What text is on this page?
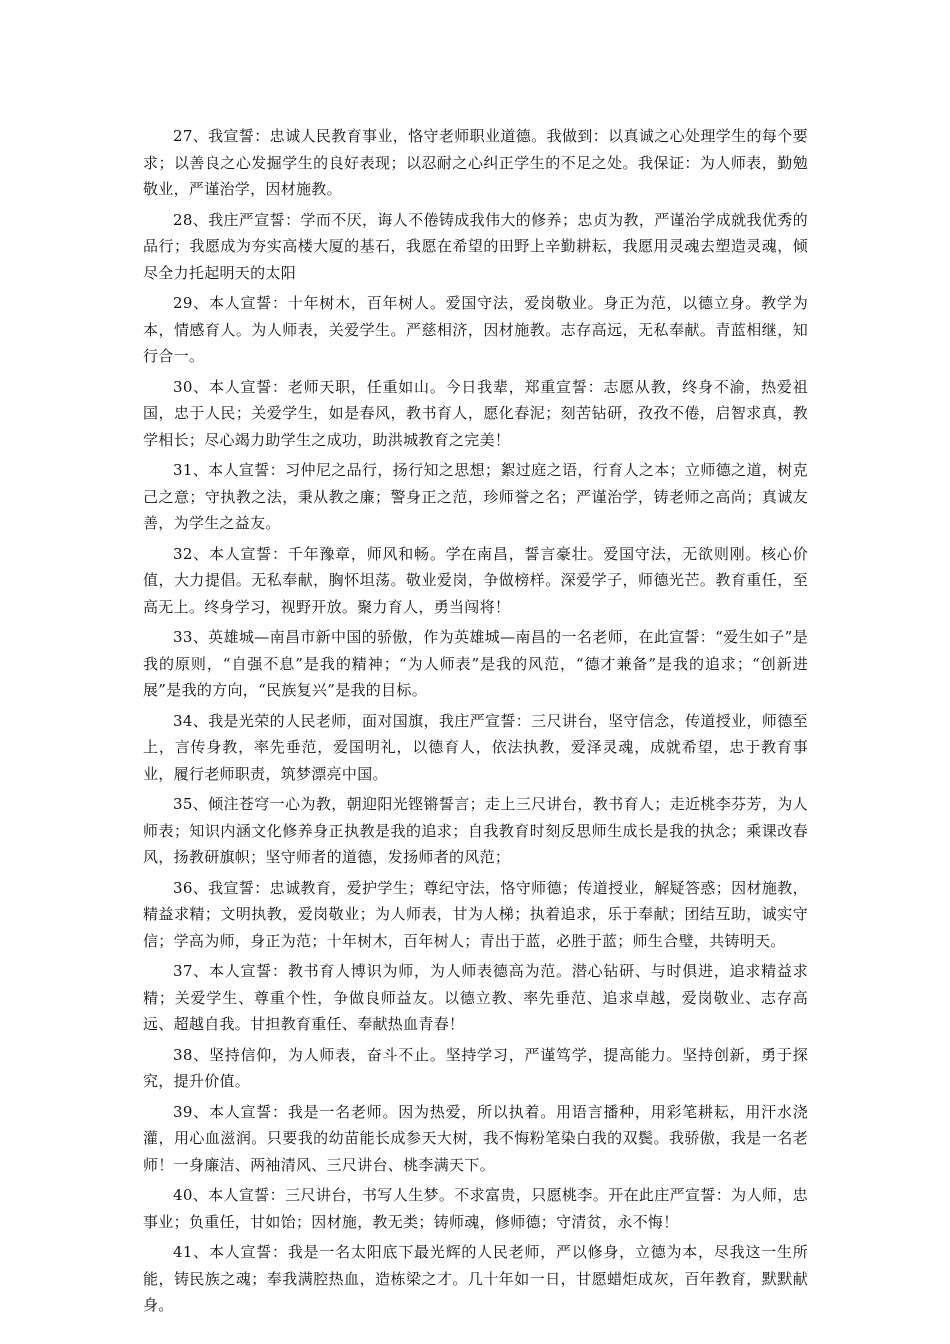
27、我宣誓：忠诚人民教育事业，恪守老师职业道德。我做到：以真诚之心处理学生的每个要求；以善良之心发掘学生的良好表现；以忍耐之心纠正学生的不足之处。我保证：为人师表，勤勉敬业，严谨治学，因材施教。

28、我庄严宣誓：学而不厌，诲人不倦铸成我伟大的修养；忠贞为教，严谨治学成就我优秀的品行；我愿成为夯实高楼大厦的基石，我愿在希望的田野上辛勤耕耘，我愿用灵魂去塑造灵魂，倾尽全力托起明天的太阳

29、本人宣誓：十年树木，百年树人。爱国守法，爱岗敬业。身正为范，以德立身。教学为本，情感育人。为人师表，关爱学生。严慈相济，因材施教。志存高远，无私奉献。青蓝相继，知行合一。

30、本人宣誓：老师天职，任重如山。今日我辈，郑重宣誓：志愿从教，终身不渝，热爱祖国，忠于人民；关爱学生，如是春风，教书育人，愿化春泥；刻苦钻研，孜孜不倦，启智求真，教学相长；尽心竭力助学生之成功，助洪城教育之完美！

31、本人宣誓：习仲尼之品行，扬行知之思想；絮过庭之语，行育人之本；立师德之道，树克己之意；守执教之法，秉从教之廉；警身正之范，珍师誉之名；严谨治学，铸老师之高尚；真诚友善，为学生之益友。

32、本人宣誓：千年豫章，师风和畅。学在南昌，誓言豪壮。爱国守法，无欲则刚。核心价值，大力提倡。无私奉献，胸怀坦荡。敬业爱岗，争做榜样。深爱学子，师德光芒。教育重任，至高无上。终身学习，视野开放。聚力育人，勇当闯将！

33、英雄城—南昌市新中国的骄傲，作为英雄城—南昌的一名老师，在此宣誓：“爱生如子”是我的原则，“自强不息”是我的精神；“为人师表”是我的风范，“德才兼备”是我的追求；“创新进展”是我的方向，“民族复兴”是我的目标。

34、我是光荣的人民老师，面对国旗，我庄严宣誓：三尺讲台，坚守信念，传道授业，师德至上，言传身教，率先垂范，爱国明礼，以德育人，依法执教，爱泽灵魂，成就希望，忠于教育事业，履行老师职责，筑梦漂亮中国。

35、倾注苍穹一心为教，朝迎阳光铿锵誓言；走上三尺讲台，教书育人；走近桃李芬芳，为人师表；知识内涵文化修养身正执教是我的追求；自我教育时刻反思师生成长是我的执念；乘课改春风，扬教研旗帜；坚守师者的道德，发扬师者的风范；

36、我宣誓：忠诚教育，爱护学生；尊纪守法，恪守师德；传道授业，解疑答惑；因材施教，精益求精；文明执教，爱岗敬业；为人师表，甘为人梯；执着追求，乐于奉献；团结互助，诚实守信；学高为师，身正为范；十年树木，百年树人；青出于蓝，必胜于蓝；师生合璧，共铸明天。

37、本人宣誓：教书育人博识为师，为人师表德高为范。潜心钻研、与时俱进，追求精益求精；关爱学生、尊重个性，争做良师益友。以德立教、率先垂范、追求卓越，爱岗敬业、志存高远、超越自我。甘担教育重任、奉献热血青春！

38、坚持信仰，为人师表，奋斗不止。坚持学习，严谨笃学，提高能力。坚持创新，勇于探究，提升价值。

39、本人宣誓：我是一名老师。因为热爱，所以执着。用语言播种，用彩笔耕耘，用汗水浇灌，用心血滋润。只要我的幼苗能长成参天大树，我不悔粉笔染白我的双鬓。我骄傲，我是一名老师！一身廉洁、两袖清风、三尺讲台、桃李满天下。

40、本人宣誓：三尺讲台，书写人生梦。不求富贵，只愿桃李。开在此庄严宣誓：为人师，忠事业；负重任，甘如饴；因材施，教无类；铸师魂，修师德；守清贫，永不悔！

41、本人宣誓：我是一名太阳底下最光辉的人民老师，严以修身，立德为本，尽我这一生所能，铸民族之魂；奉我满腔热血，造栋梁之才。几十年如一日，甘愿蜡炬成灰，百年教育，默默献身。
